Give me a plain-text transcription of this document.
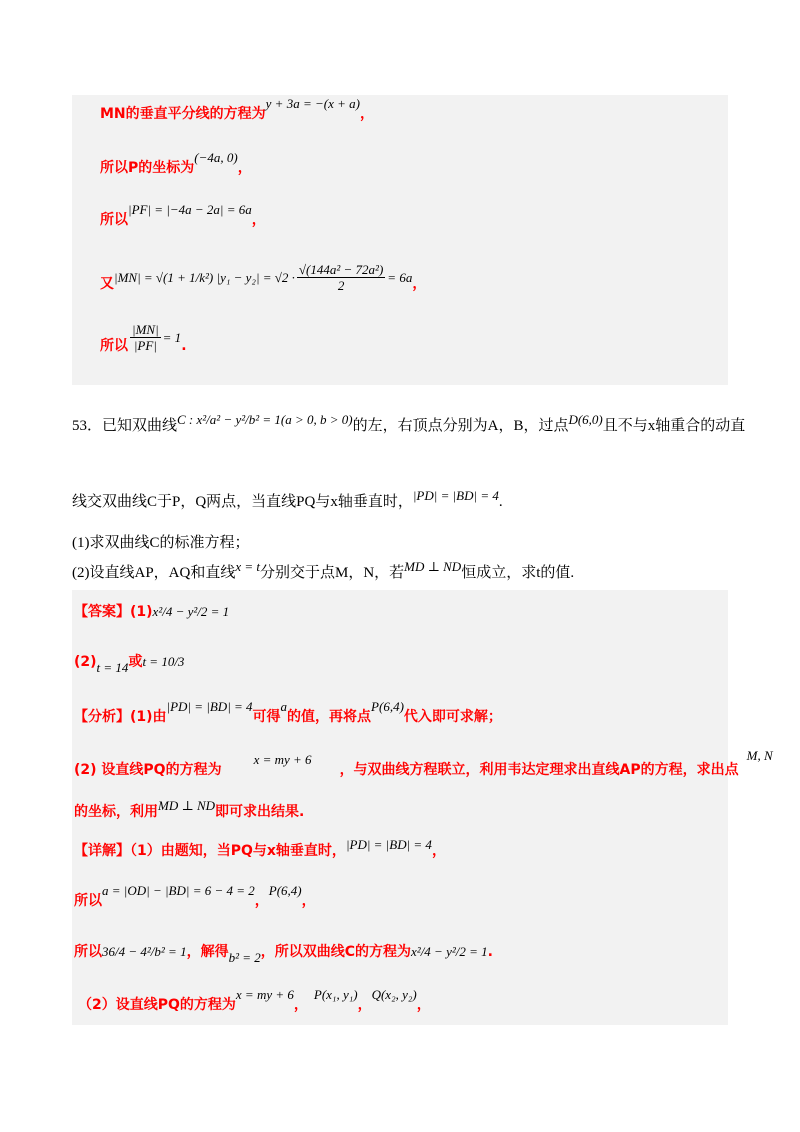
MN的垂直平分线的方程为y + 3a = −(x + a)，
所以P的坐标为(−4a, 0)，
所以|PF| = |−4a − 2a| = 6a，
又 |MN| = √(1 + 1/k²) $|y_1 - y_2| = √2 \cdot \frac{\text{√(144a² − 72a²)}}{2} = 6a$ ，
所以 $\frac{|MN|}{|PF|} = 1$
.
53．已知双曲线C : x²/a² − y²/b² = 1(a > 0, b > 0)的左，右顶点分别为A，B，过点D(6,0)且不与x轴重合的动直
线交双曲线C于P，Q两点，当直线PQ与x轴垂直时，|PD| = |BD| = 4.
(1)求双曲线C的标准方程；
(2)设直线AP，AQ和直线x = t分别交于点M，N，若MD ⊥ ND恒成立，求t的值.
【答案】(1)x²/4 − y²/2 = 1
(2)t = 14或t = 10/3
【分析】(1)由|PD| = |BD| = 4可得a的值，再将点P(6,4)代入即可求解；
(2) 设直线PQ的方程为x = my + 6，与双曲线方程联立，利用韦达定理求出直线AP的方程，求出点M, N
的坐标，利用MD ⊥ ND即可求出结果.
【详解】（1）由题知，当PQ与x轴垂直时，|PD| = |BD| = 4，
所以a = |OD| − |BD| = 6 − 4 = 2，P(6,4)，
所以36/4 − 4²/b² = 1，解得b² = 2，所以双曲线C的方程为x²/4 − y²/2 = 1.
（2）设直线PQ的方程为x = my + 6，P(x₁, y₁)，Q(x₂, y₂)，
